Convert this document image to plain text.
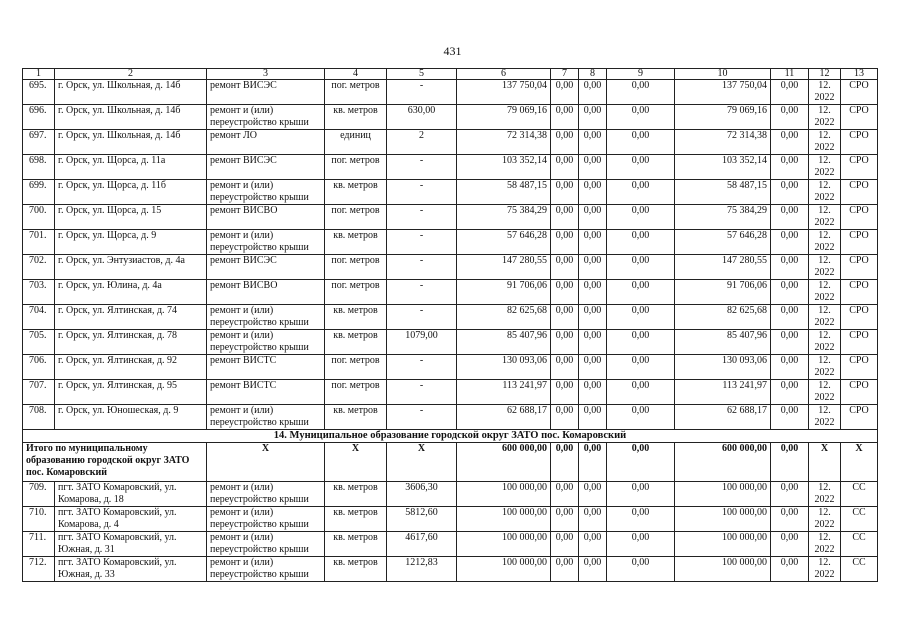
431
1	2	3	4	5	6	7	8	9	10	11	12	13
695.	г. Орск, ул. Школьная, д. 14б	ремонт ВИСЭС	пог. метров	-	137 750,04	0,00	0,00	0,00	137 750,04	0,00	12. 2022	СРО
696.	г. Орск, ул. Школьная, д. 14б	ремонт и (или) переустройство крыши	кв. метров	630,00	79 069,16	0,00	0,00	0,00	79 069,16	0,00	12. 2022	СРО
697.	г. Орск, ул. Школьная, д. 14б	ремонт ЛО	единиц	2	72 314,38	0,00	0,00	0,00	72 314,38	0,00	12. 2022	СРО
698.	г. Орск, ул. Щорса, д. 11а	ремонт ВИСЭС	пог. метров	-	103 352,14	0,00	0,00	0,00	103 352,14	0,00	12. 2022	СРО
699.	г. Орск, ул. Щорса, д. 11б	ремонт и (или) переустройство крыши	кв. метров	-	58 487,15	0,00	0,00	0,00	58 487,15	0,00	12. 2022	СРО
700.	г. Орск, ул. Щорса, д. 15	ремонт ВИСВО	пог. метров	-	75 384,29	0,00	0,00	0,00	75 384,29	0,00	12. 2022	СРО
701.	г. Орск, ул. Щорса, д. 9	ремонт и (или) переустройство крыши	кв. метров	-	57 646,28	0,00	0,00	0,00	57 646,28	0,00	12. 2022	СРО
702.	г. Орск, ул. Энтузиастов, д. 4а	ремонт ВИСЭС	пог. метров	-	147 280,55	0,00	0,00	0,00	147 280,55	0,00	12. 2022	СРО
703.	г. Орск, ул. Юлина, д. 4а	ремонт ВИСВО	пог. метров	-	91 706,06	0,00	0,00	0,00	91 706,06	0,00	12. 2022	СРО
704.	г. Орск, ул. Ялтинская, д. 74	ремонт и (или) переустройство крыши	кв. метров	-	82 625,68	0,00	0,00	0,00	82 625,68	0,00	12. 2022	СРО
705.	г. Орск, ул. Ялтинская, д. 78	ремонт и (или) переустройство крыши	кв. метров	1079,00	85 407,96	0,00	0,00	0,00	85 407,96	0,00	12. 2022	СРО
706.	г. Орск, ул. Ялтинская, д. 92	ремонт ВИСТС	пог. метров	-	130 093,06	0,00	0,00	0,00	130 093,06	0,00	12. 2022	СРО
707.	г. Орск, ул. Ялтинская, д. 95	ремонт ВИСТС	пог. метров	-	113 241,97	0,00	0,00	0,00	113 241,97	0,00	12. 2022	СРО
708.	г. Орск, ул. Юношеская, д. 9	ремонт и (или) переустройство крыши	кв. метров	-	62 688,17	0,00	0,00	0,00	62 688,17	0,00	12. 2022	СРО
14. Муниципальное образование городской округ ЗАТО пос. Комаровский												
Итого по муниципальному образованию городской округ ЗАТО пос. Комаровский		Х	Х	Х	600 000,00	0,00	0,00	0,00	600 000,00	0,00	Х	Х
709.	пгт. ЗАТО Комаровский, ул. Комарова, д. 18	ремонт и (или) переустройство крыши	кв. метров	3606,30	100 000,00	0,00	0,00	0,00	100 000,00	0,00	12. 2022	СС
710.	пгт. ЗАТО Комаровский, ул. Комарова, д. 4	ремонт и (или) переустройство крыши	кв. метров	5812,60	100 000,00	0,00	0,00	0,00	100 000,00	0,00	12. 2022	СС
711.	пгт. ЗАТО Комаровский, ул. Южная, д. 31	ремонт и (или) переустройство крыши	кв. метров	4617,60	100 000,00	0,00	0,00	0,00	100 000,00	0,00	12. 2022	СС
712.	пгт. ЗАТО Комаровский, ул. Южная, д. 33	ремонт и (или) переустройство крыши	кв. метров	1212,83	100 000,00	0,00	0,00	0,00	100 000,00	0,00	12. 2022	СС
